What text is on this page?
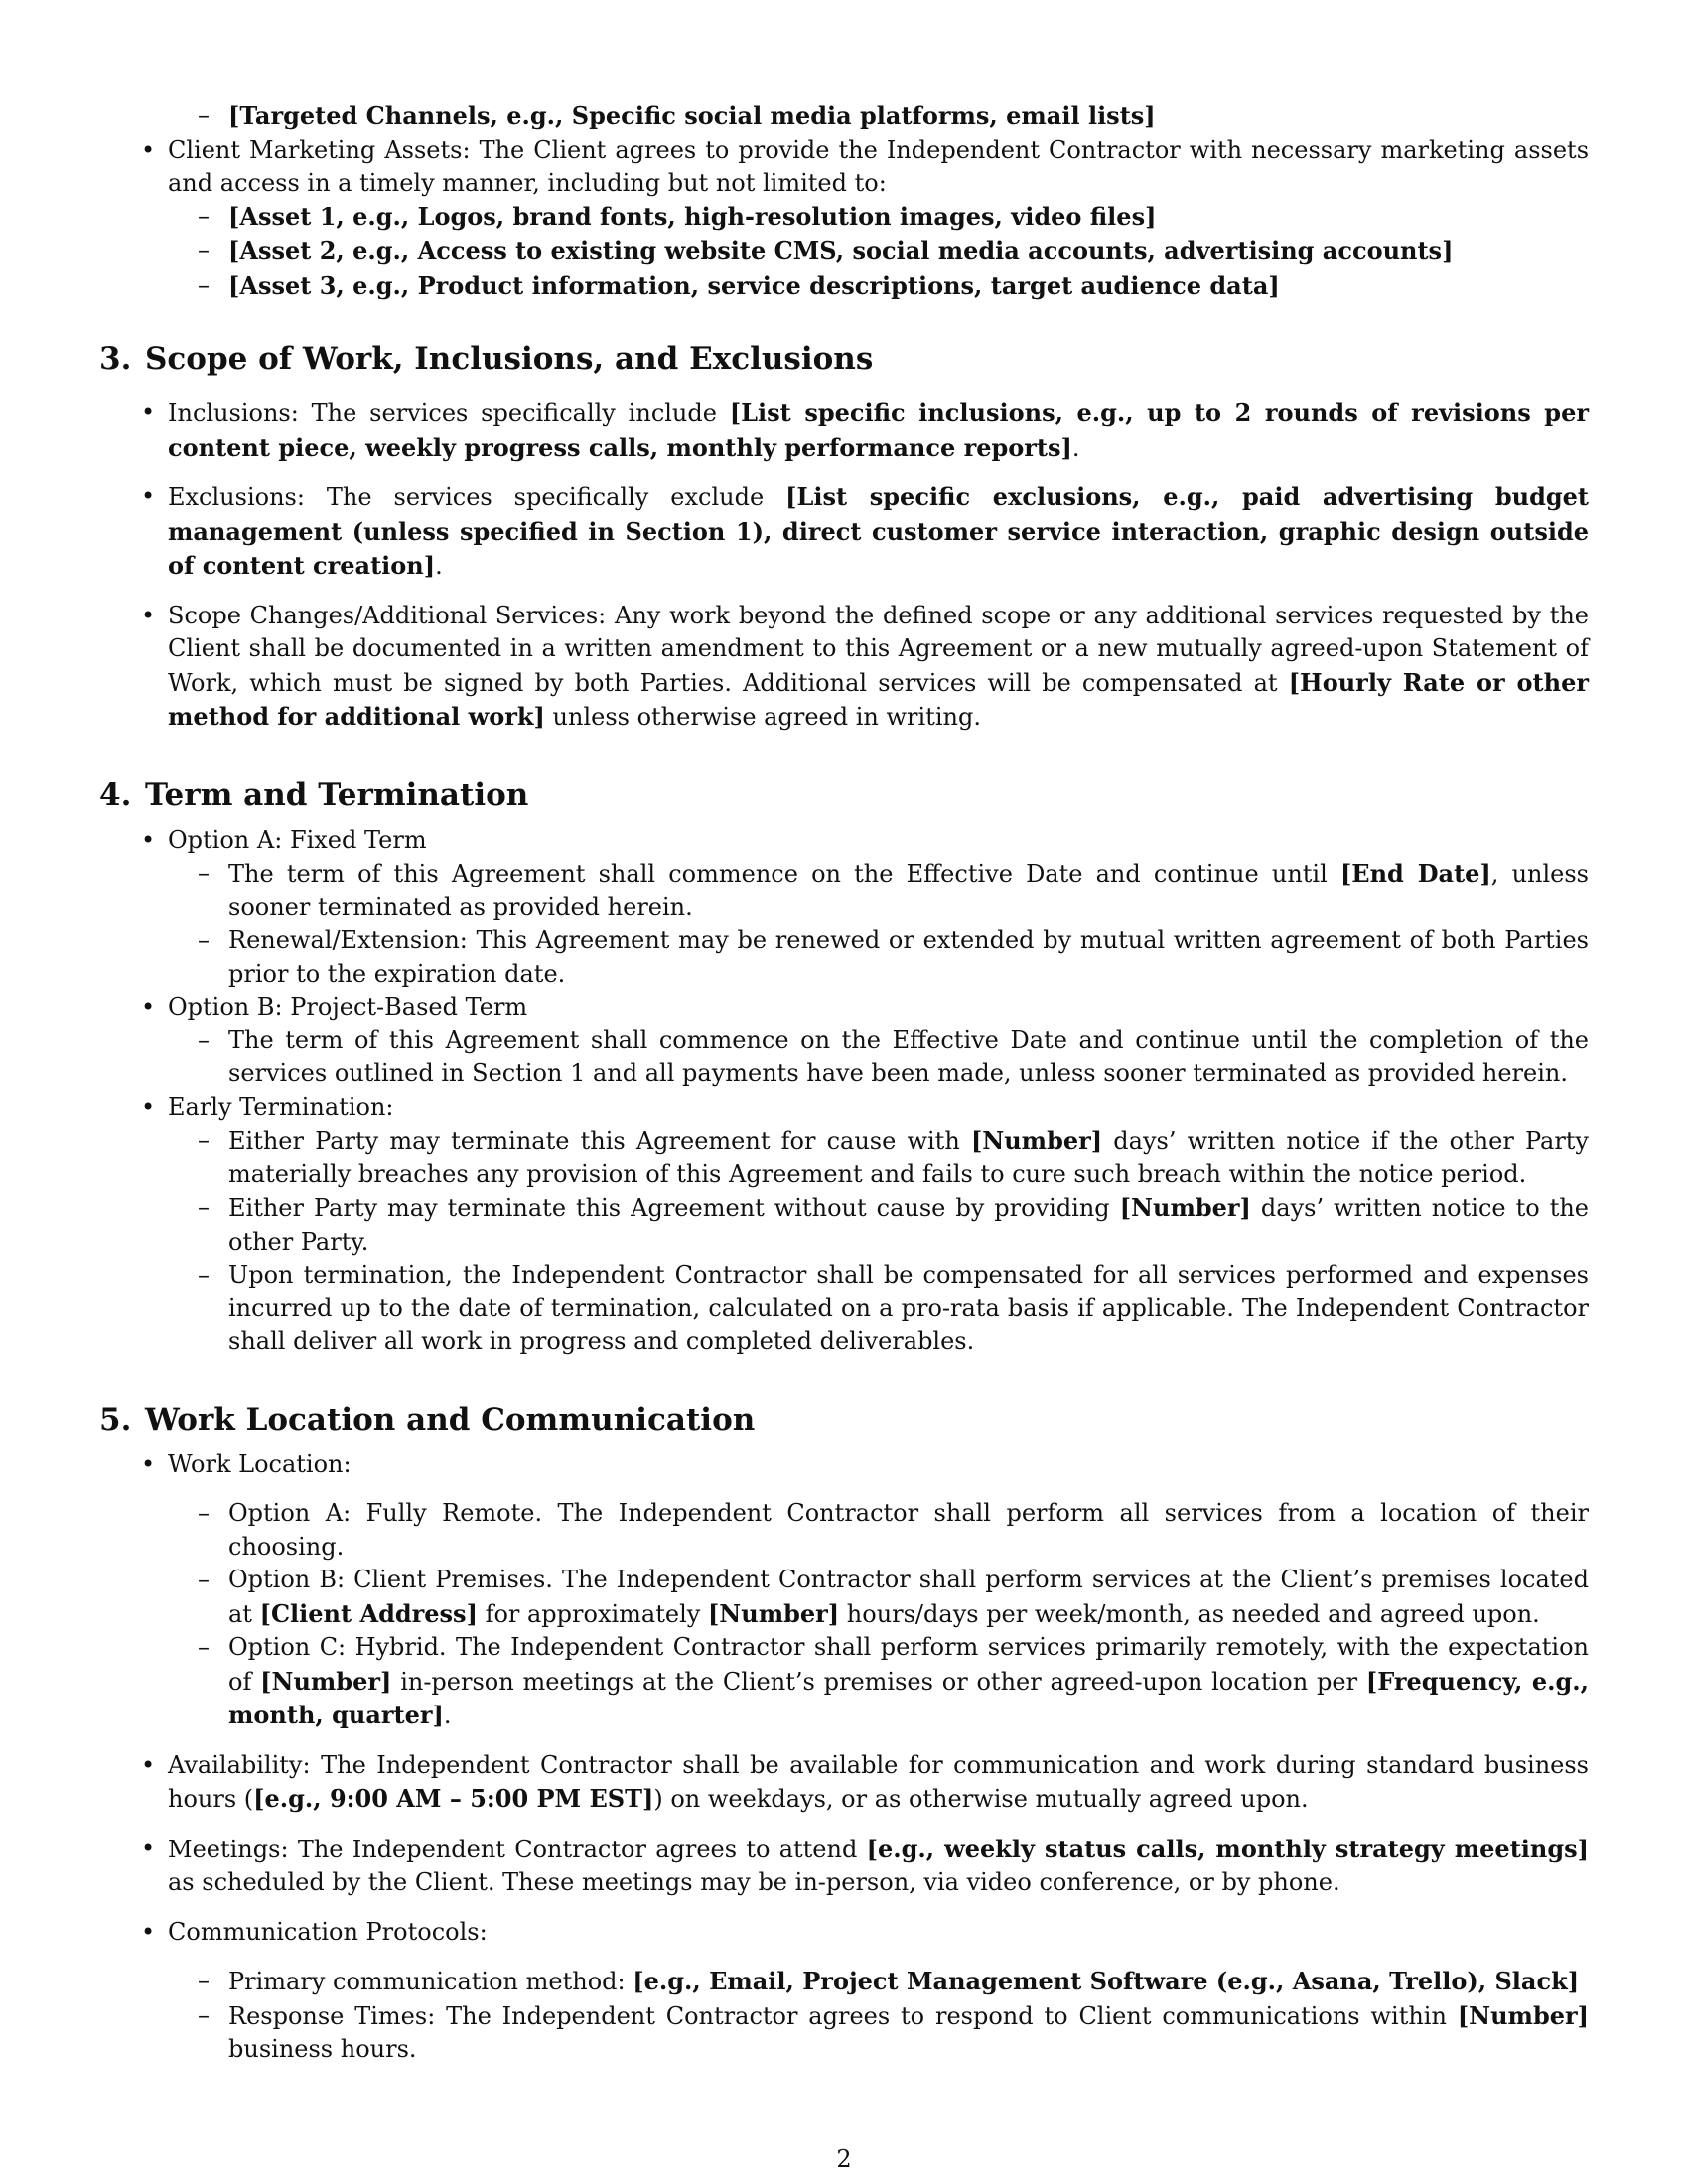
– [Targeted Channels, e.g., Specific social media platforms, email lists]
• Client Marketing Assets: The Client agrees to provide the Independent Contractor with necessary marketing assets and access in a timely manner, including but not limited to:
– [Asset 1, e.g., Logos, brand fonts, high-resolution images, video files]
– [Asset 2, e.g., Access to existing website CMS, social media accounts, advertising accounts]
– [Asset 3, e.g., Product information, service descriptions, target audience data]
3. Scope of Work, Inclusions, and Exclusions
• Inclusions: The services specifically include [List specific inclusions, e.g., up to 2 rounds of revisions per content piece, weekly progress calls, monthly performance reports].
• Exclusions: The services specifically exclude [List specific exclusions, e.g., paid advertising budget management (unless specified in Section 1), direct customer service interaction, graphic design outside of content creation].
• Scope Changes/Additional Services: Any work beyond the defined scope or any additional services requested by the Client shall be documented in a written amendment to this Agreement or a new mutually agreed-upon Statement of Work, which must be signed by both Parties. Additional services will be compensated at [Hourly Rate or other method for additional work] unless otherwise agreed in writing.
4. Term and Termination
• Option A: Fixed Term
– The term of this Agreement shall commence on the Effective Date and continue until [End Date], unless sooner terminated as provided herein.
– Renewal/Extension: This Agreement may be renewed or extended by mutual written agreement of both Parties prior to the expiration date.
• Option B: Project-Based Term
– The term of this Agreement shall commence on the Effective Date and continue until the completion of the services outlined in Section 1 and all payments have been made, unless sooner terminated as provided herein.
• Early Termination:
– Either Party may terminate this Agreement for cause with [Number] days’ written notice if the other Party materially breaches any provision of this Agreement and fails to cure such breach within the notice period.
– Either Party may terminate this Agreement without cause by providing [Number] days’ written notice to the other Party.
– Upon termination, the Independent Contractor shall be compensated for all services performed and expenses incurred up to the date of termination, calculated on a pro-rata basis if applicable. The Independent Contractor shall deliver all work in progress and completed deliverables.
5. Work Location and Communication
• Work Location:
– Option A: Fully Remote. The Independent Contractor shall perform all services from a location of their choosing.
– Option B: Client Premises. The Independent Contractor shall perform services at the Client’s premises located at [Client Address] for approximately [Number] hours/days per week/month, as needed and agreed upon.
– Option C: Hybrid. The Independent Contractor shall perform services primarily remotely, with the expectation of [Number] in-person meetings at the Client’s premises or other agreed-upon location per [Frequency, e.g., month, quarter].
• Availability: The Independent Contractor shall be available for communication and work during standard business hours ([e.g., 9:00 AM – 5:00 PM EST]) on weekdays, or as otherwise mutually agreed upon.
• Meetings: The Independent Contractor agrees to attend [e.g., weekly status calls, monthly strategy meetings] as scheduled by the Client. These meetings may be in-person, via video conference, or by phone.
• Communication Protocols:
– Primary communication method: [e.g., Email, Project Management Software (e.g., Asana, Trello), Slack]
– Response Times: The Independent Contractor agrees to respond to Client communications within [Number] business hours.
2
